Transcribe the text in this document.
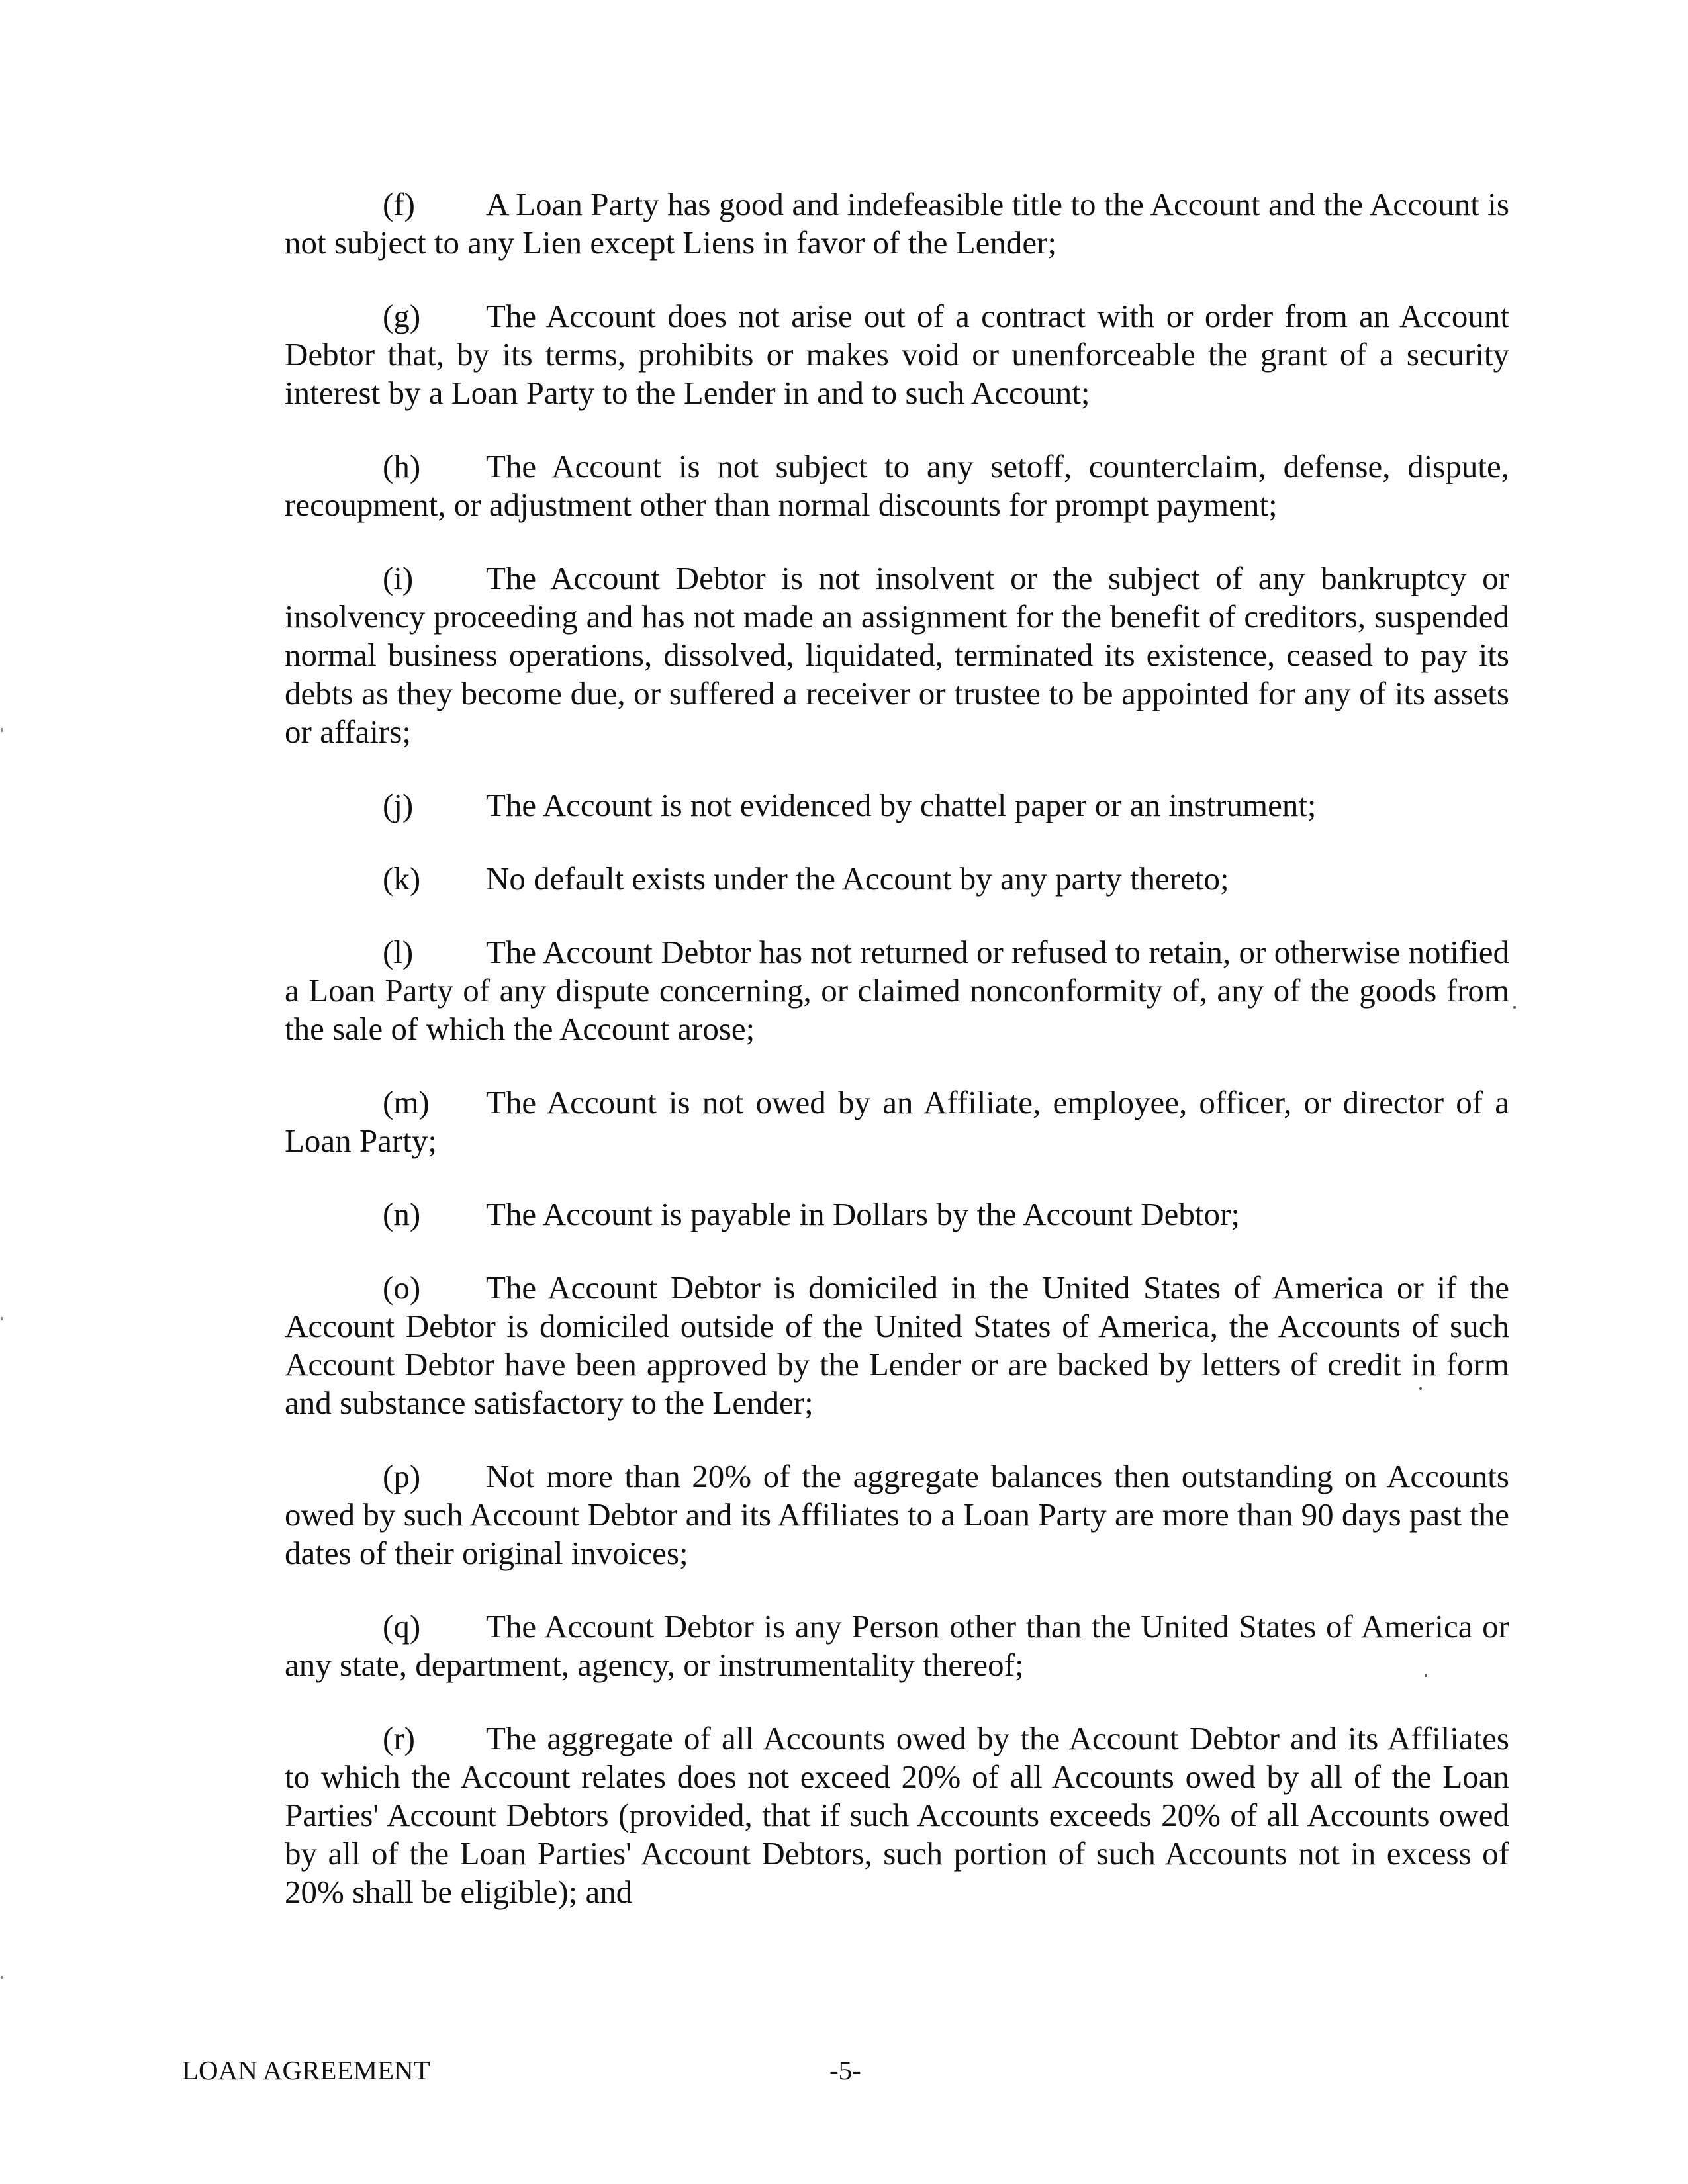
(f) A Loan Party has good and indefeasible title to the Account and the Account is not subject to any Lien except Liens in favor of the Lender;

(g) The Account does not arise out of a contract with or order from an Account Debtor that, by its terms, prohibits or makes void or unenforceable the grant of a security interest by a Loan Party to the Lender in and to such Account;

(h) The Account is not subject to any setoff, counterclaim, defense, dispute, recoupment, or adjustment other than normal discounts for prompt payment;

(i) The Account Debtor is not insolvent or the subject of any bankruptcy or insolvency proceeding and has not made an assignment for the benefit of creditors, suspended normal business operations, dissolved, liquidated, terminated its existence, ceased to pay its debts as they become due, or suffered a receiver or trustee to be appointed for any of its assets or affairs;

(j) The Account is not evidenced by chattel paper or an instrument;

(k) No default exists under the Account by any party thereto;

(l) The Account Debtor has not returned or refused to retain, or otherwise notified a Loan Party of any dispute concerning, or claimed nonconformity of, any of the goods from the sale of which the Account arose;

(m) The Account is not owed by an Affiliate, employee, officer, or director of a Loan Party;

(n) The Account is payable in Dollars by the Account Debtor;

(o) The Account Debtor is domiciled in the United States of America or if the Account Debtor is domiciled outside of the United States of America, the Accounts of such Account Debtor have been approved by the Lender or are backed by letters of credit in form and substance satisfactory to the Lender;

(p) Not more than 20% of the aggregate balances then outstanding on Accounts owed by such Account Debtor and its Affiliates to a Loan Party are more than 90 days past the dates of their original invoices;

(q) The Account Debtor is any Person other than the United States of America or any state, department, agency, or instrumentality thereof;

(r) The aggregate of all Accounts owed by the Account Debtor and its Affiliates to which the Account relates does not exceed 20% of all Accounts owed by all of the Loan Parties' Account Debtors (provided, that if such Accounts exceeds 20% of all Accounts owed by all of the Loan Parties' Account Debtors, such portion of such Accounts not in excess of 20% shall be eligible); and

LOAN AGREEMENT	-5-
